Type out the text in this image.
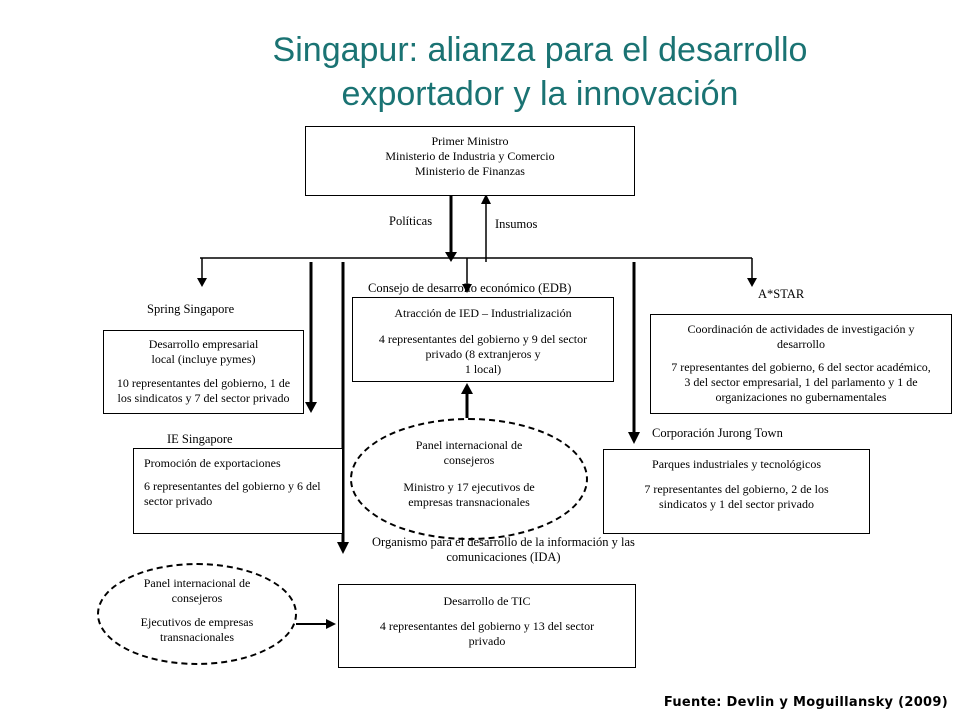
Singapur: alianza para el desarrollo
exportador y la innovación
Primer Ministro
Ministerio de Industria y Comercio
Ministerio de Finanzas
Políticas	Insumos
Spring Singapore
Consejo de desarrollo económico (EDB)	A*STAR
Desarrollo empresarial
local (incluye pymes)
10 representantes del gobierno, 1 de
los sindicatos y 7 del sector privado
Atracción de IED – Industrialización
4 representantes del gobierno y 9 del sector
privado (8 extranjeros y
1 local)
Coordinación de actividades de investigación y
desarrollo
7 representantes del gobierno, 6 del sector académico,
3 del sector empresarial, 1 del parlamento y 1 de
organizaciones no gubernamentales
IE Singapore	Corporación Jurong Town
Promoción de exportaciones
6 representantes del gobierno y 6 del
sector privado
Panel internacional de
consejeros
Ministro y 17 ejecutivos de
empresas transnacionales
Parques industriales y tecnológicos
7 representantes del gobierno, 2 de los
sindicatos y 1 del sector privado
Organismo para el desarrollo de la información y las
comunicaciones (IDA)
Panel internacional de
consejeros
Ejecutivos de empresas
transnacionales
Desarrollo de TIC
4 representantes del gobierno y 13 del sector
privado
Fuente: Devlin y Moguillansky (2009)
